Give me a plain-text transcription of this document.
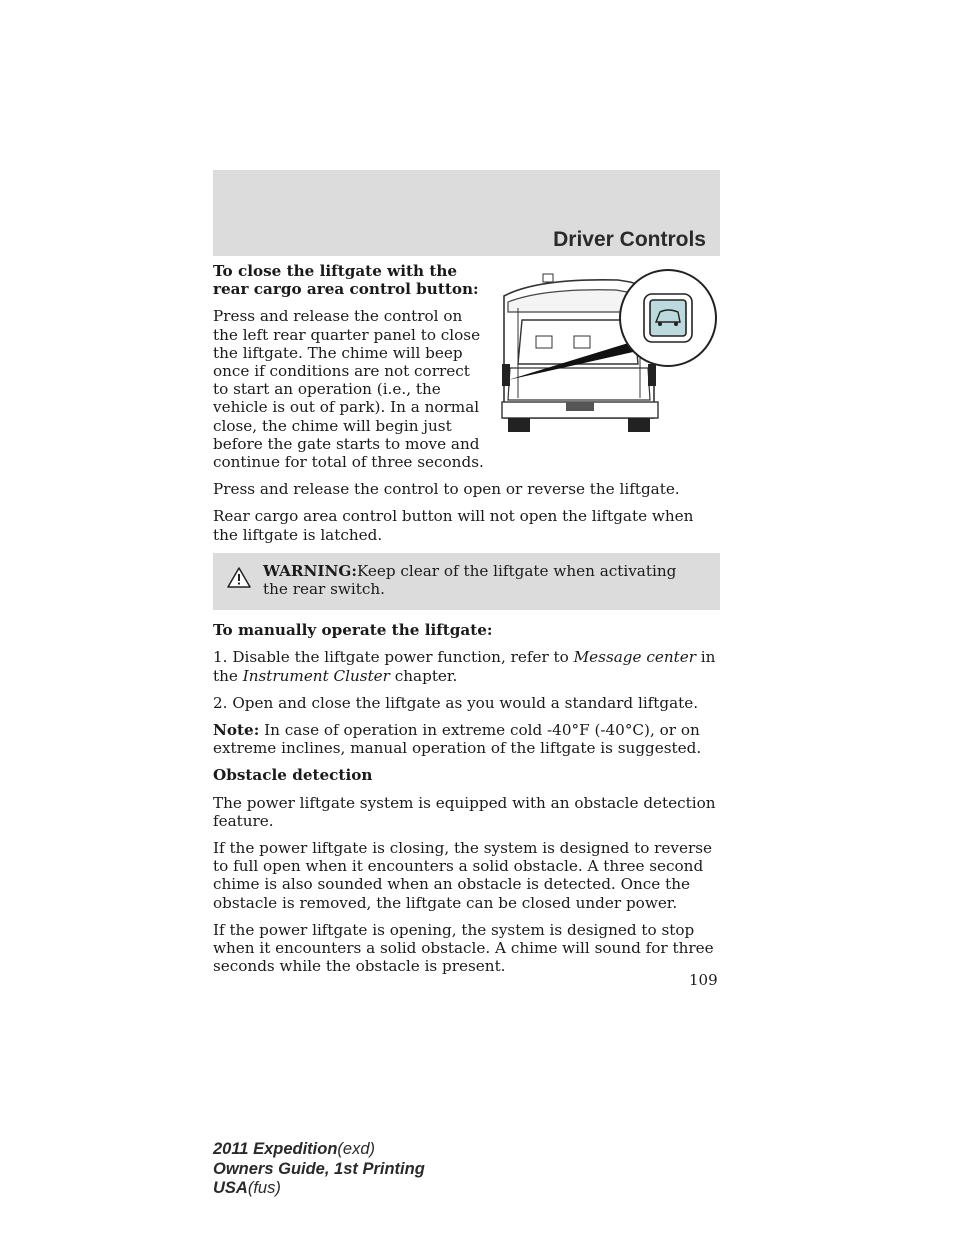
Driver Controls

To close the liftgate with the rear cargo area control button:

Press and release the control on the left rear quarter panel to close the liftgate. The chime will beep once if conditions are not correct to start an operation (i.e., the vehicle is out of park). In a normal close, the chime will begin just before the gate starts to move and continue for total of three seconds.

Press and release the control to open or reverse the liftgate.

Rear cargo area control button will not open the liftgate when the liftgate is latched.

WARNING:Keep clear of the liftgate when activating the rear switch.

To manually operate the liftgate:

1. Disable the liftgate power function, refer to Message center in the Instrument Cluster chapter.

2. Open and close the liftgate as you would a standard liftgate.

Note: In case of operation in extreme cold -40°F (-40°C), or on extreme inclines, manual operation of the liftgate is suggested.

Obstacle detection

The power liftgate system is equipped with an obstacle detection feature.

If the power liftgate is closing, the system is designed to reverse to full open when it encounters a solid obstacle. A three second chime is also sounded when an obstacle is detected. Once the obstacle is removed, the liftgate can be closed under power.

If the power liftgate is opening, the system is designed to stop when it encounters a solid obstacle. A chime will sound for three seconds while the obstacle is present.

109
2011 Expedition(exd)
Owners Guide, 1st Printing
USA(fus)
